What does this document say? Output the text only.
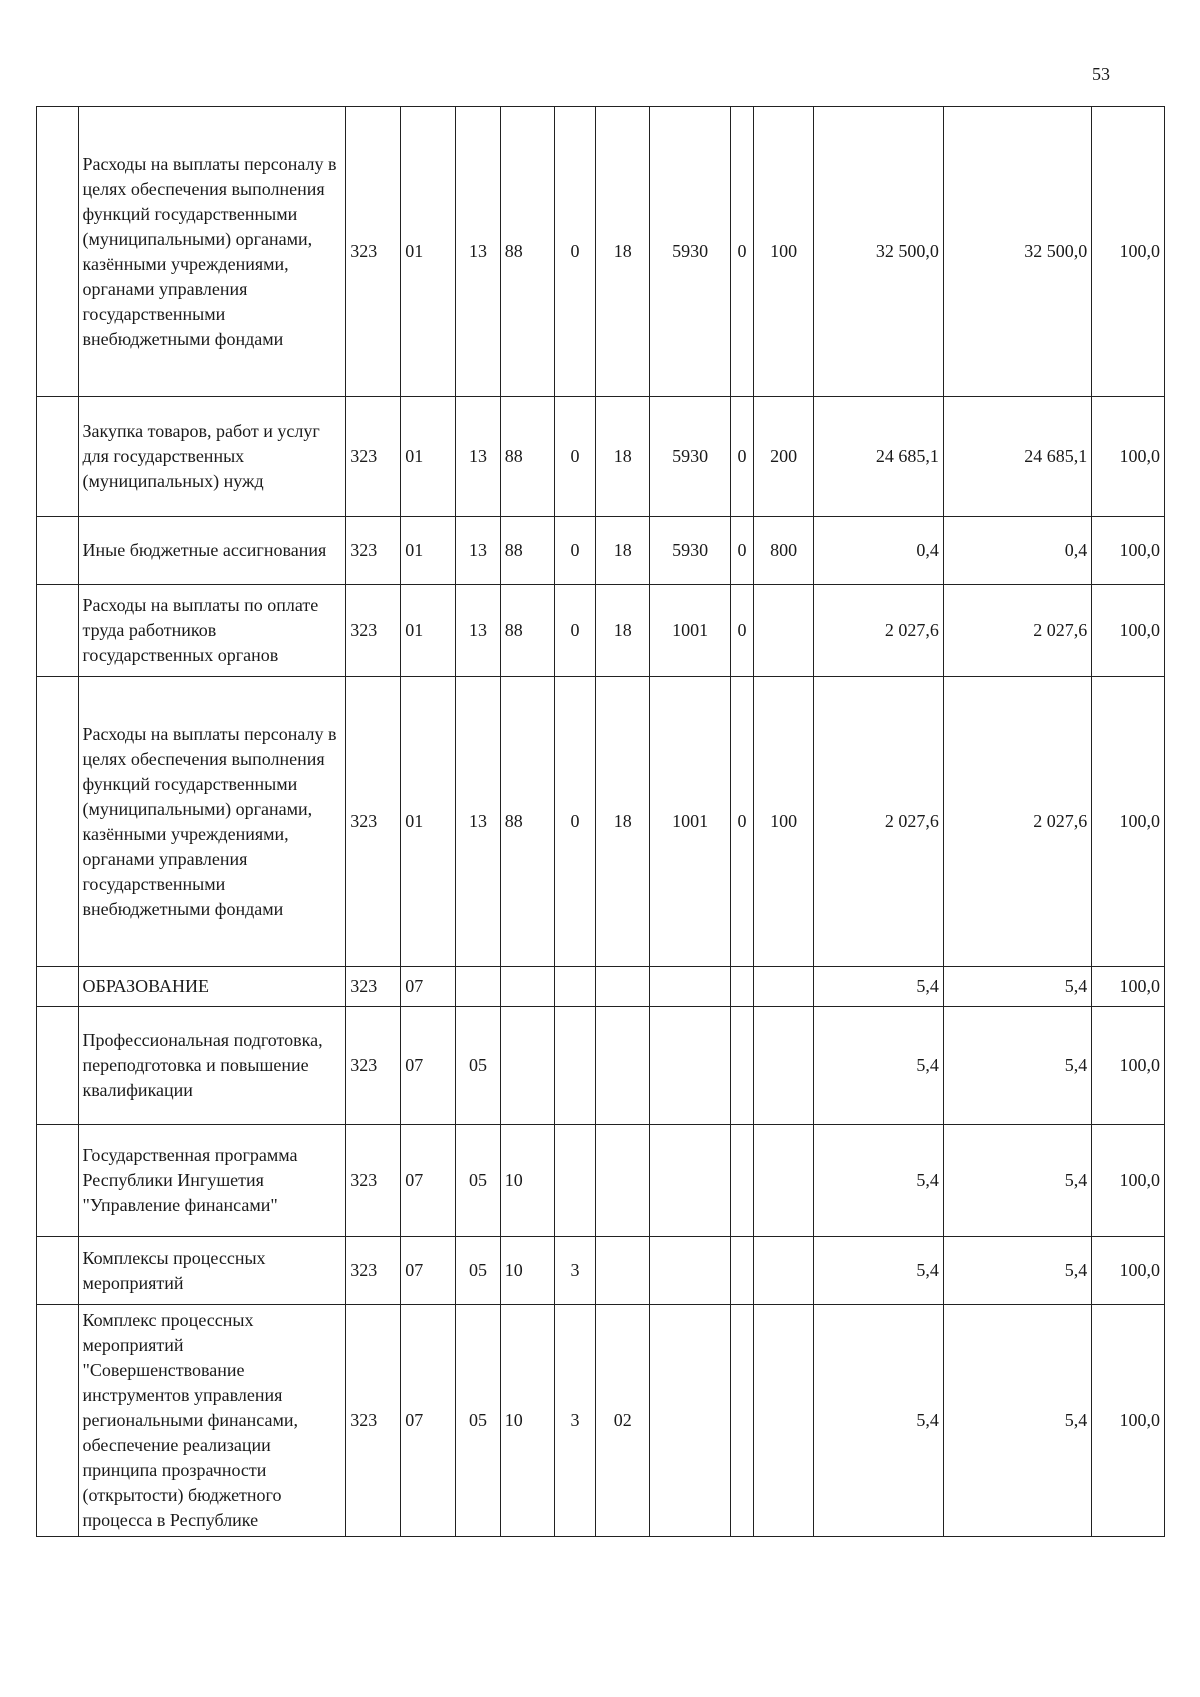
53

	Расходы на выплаты персоналу в целях обеспечения выполнения функций государственными (муниципальными) органами, казёнными учреждениями, органами управления государственными внебюджетными фондами	323	01	13	88	0	18	5930	0	100	32 500,0	32 500,0	100,0

	Закупка товаров, работ и услуг для государственных (муниципальных) нужд	323	01	13	88	0	18	5930	0	200	24 685,1	24 685,1	100,0

	Иные бюджетные ассигнования	323	01	13	88	0	18	5930	0	800	0,4	0,4	100,0

	Расходы на выплаты по оплате труда работников государственных органов	323	01	13	88	0	18	1001	0		2 027,6	2 027,6	100,0

	Расходы на выплаты персоналу в целях обеспечения выполнения функций государственными (муниципальными) органами, казёнными учреждениями, органами управления государственными внебюджетными фондами	323	01	13	88	0	18	1001	0	100	2 027,6	2 027,6	100,0

	ОБРАЗОВАНИЕ	323	07								5,4	5,4	100,0

	Профессиональная подготовка, переподготовка и повышение квалификации	323	07	05							5,4	5,4	100,0

	Государственная программа Республики Ингушетия "Управление финансами"	323	07	05	10						5,4	5,4	100,0

	Комплексы процессных мероприятий	323	07	05	10	3					5,4	5,4	100,0

	Комплекс процессных мероприятий "Совершенствование инструментов управления региональными финансами, обеспечение реализации принципа прозрачности (открытости) бюджетного процесса в Республике	323	07	05	10	3	02				5,4	5,4	100,0
